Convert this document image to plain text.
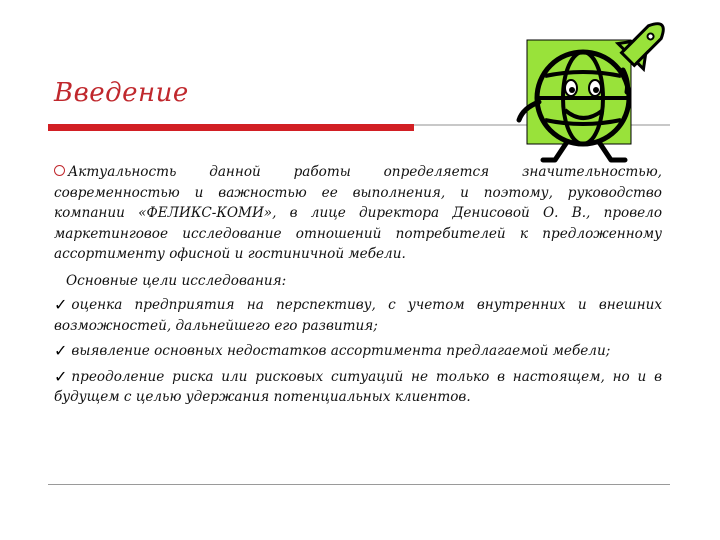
Введение

Актуальность данной работы определяется значительностью, современностью и важностью ее выполнения, и поэтому, руководство компании «ФЕЛИКС-КОМИ», в лице директора Денисовой О. В., провело маркетинговое исследование отношений потребителей к предложенному ассортименту офисной и гостиничной мебели.

Основные цели исследования:

✓ оценка предприятия на перспективу, с учетом внутренних и внешних возможностей, дальнейшего его развития;

✓ выявление основных недостатков ассортимента предлагаемой мебели;

✓ преодоление риска или рисковых ситуаций не только в настоящем, но и в будущем с целью удержания потенциальных клиентов.
